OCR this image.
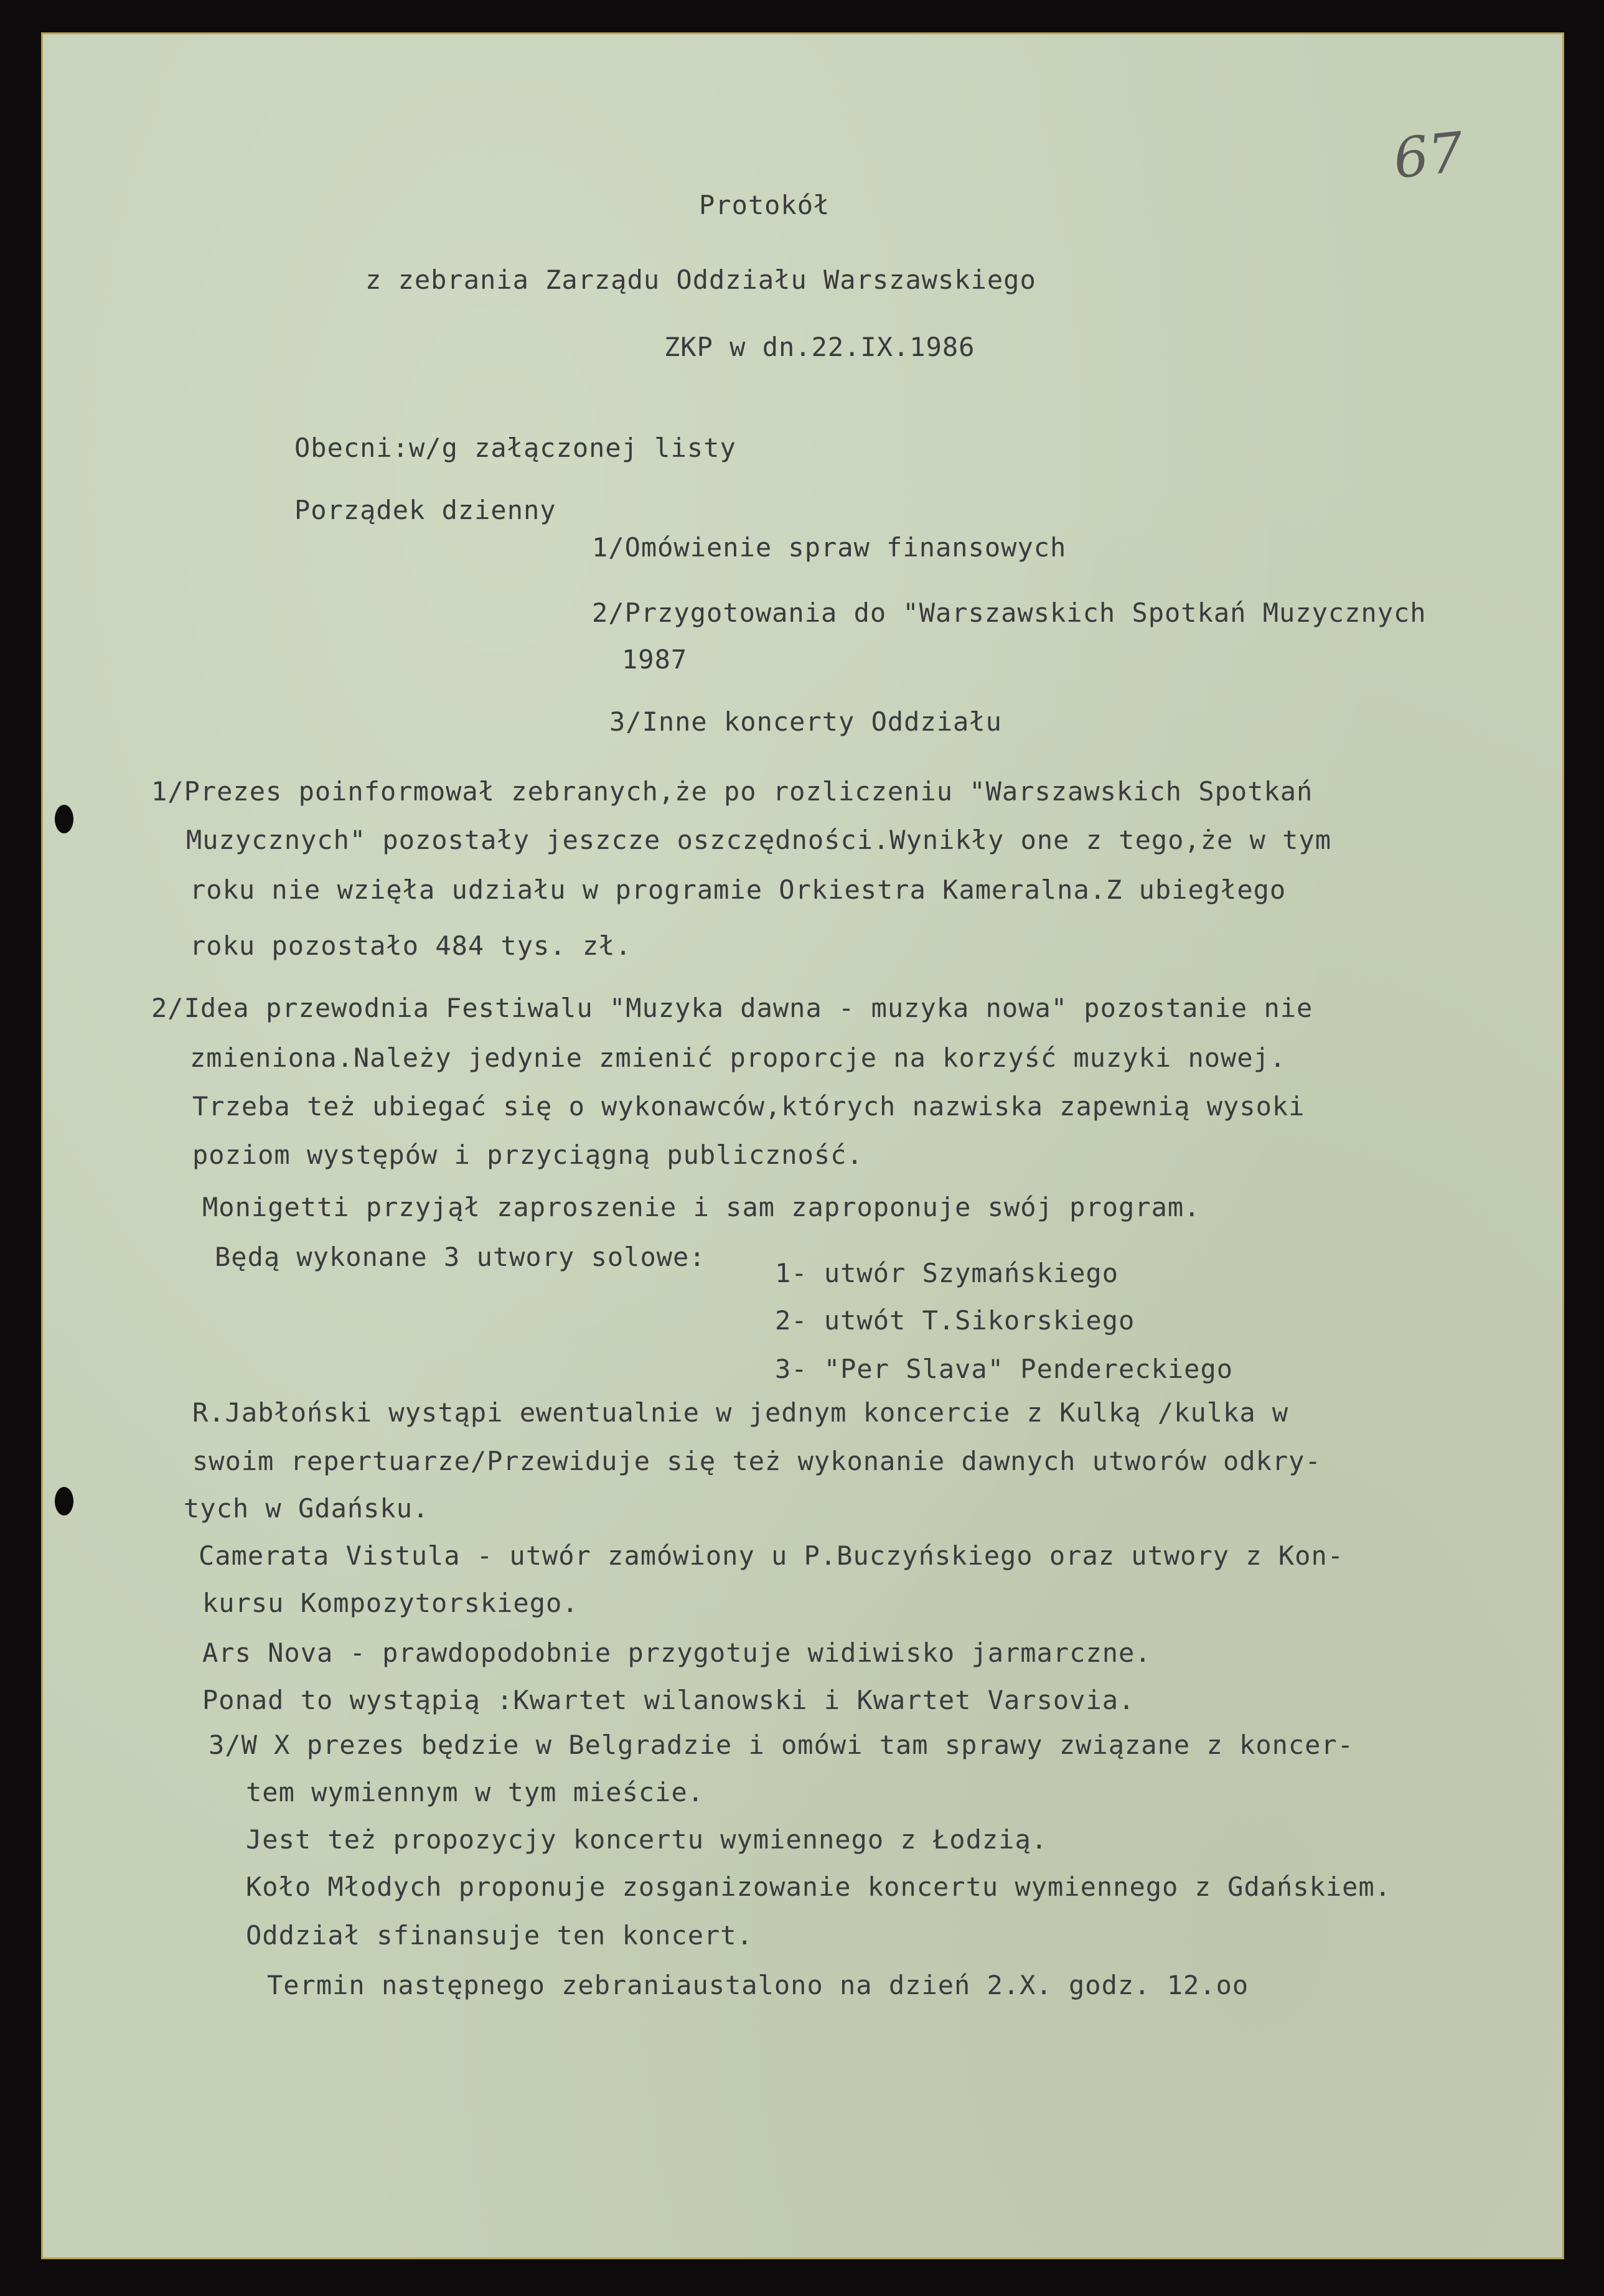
67

Protokół

z zebrania Zarządu Oddziału Warszawskiego

ZKP w dn.22.IX.1986

Obecni:w/g załączonej listy

Porządek dzienny

1/Omówienie spraw finansowych

2/Przygotowania do "Warszawskich Spotkań Muzycznych

1987

3/Inne koncerty Oddziału

1/Prezes poinformował zebranych,że po rozliczeniu "Warszawskich Spotkań

Muzycznych" pozostały jeszcze oszczędności.Wynikły one z tego,że w tym

roku nie wzięła udziału w programie Orkiestra Kameralna.Z ubiegłego

roku pozostało 484 tys. zł.

2/Idea przewodnia Festiwalu "Muzyka dawna - muzyka nowa" pozostanie nie

zmieniona.Należy jedynie zmienić proporcje na korzyść muzyki nowej.

Trzeba też ubiegać się o wykonawców,których nazwiska zapewnią wysoki

poziom występów i przyciągną publiczność.

Monigetti przyjął zaproszenie i sam zaproponuje swój program.

Będą wykonane 3 utwory solowe:

1- utwór Szymańskiego

2- utwót T.Sikorskiego

3- "Per Slava" Pendereckiego

R.Jabłoński wystąpi ewentualnie w jednym koncercie z Kulką /kulka w

swoim repertuarze/Przewiduje się też wykonanie dawnych utworów odkry-

tych w Gdańsku.

Camerata Vistula - utwór zamówiony u P.Buczyńskiego oraz utwory z Kon-

kursu Kompozytorskiego.

Ars Nova - prawdopodobnie przygotuje widiwisko jarmarczne.

Ponad to wystąpią :Kwartet wilanowski i Kwartet Varsovia.

3/W X prezes będzie w Belgradzie i omówi tam sprawy związane z koncer-

tem wymiennym w tym mieście.

Jest też propozycjy koncertu wymiennego z Łodzią.

Koło Młodych proponuje zosganizowanie koncertu wymiennego z Gdańskiem.

Oddział sfinansuje ten koncert.

Termin następnego zebraniaustalono na dzień 2.X. godz. 12.oo
